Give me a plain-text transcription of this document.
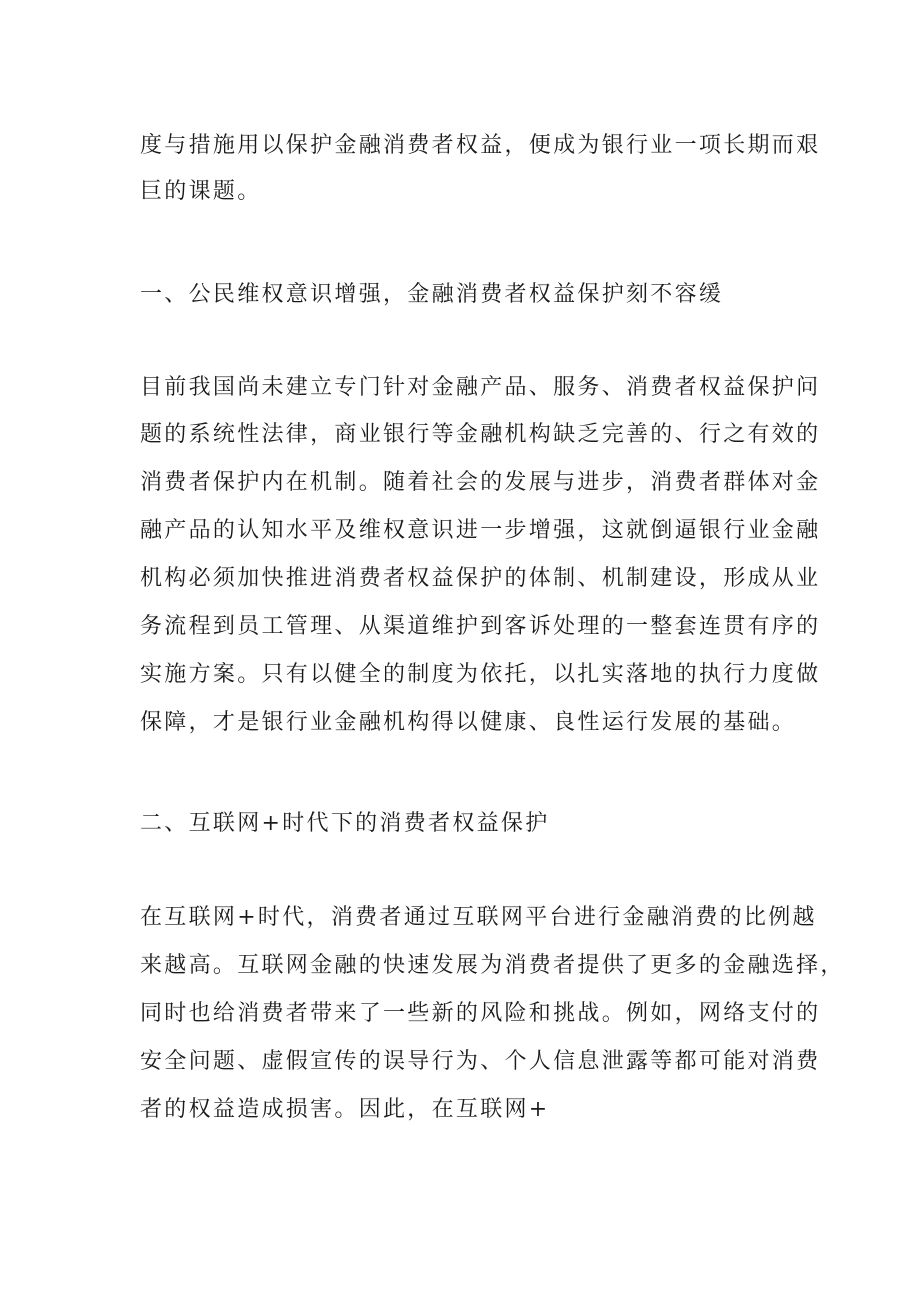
度与措施用以保护金融消费者权益，便成为银行业一项长期而艰
巨的课题。
一、公民维权意识增强，金融消费者权益保护刻不容缓
目前我国尚未建立专门针对金融产品、服务、消费者权益保护问
题的系统性法律，商业银行等金融机构缺乏完善的、行之有效的
消费者保护内在机制。随着社会的发展与进步，消费者群体对金
融产品的认知水平及维权意识进一步增强，这就倒逼银行业金融
机构必须加快推进消费者权益保护的体制、机制建设，形成从业
务流程到员工管理、从渠道维护到客诉处理的一整套连贯有序的
实施方案。只有以健全的制度为依托，以扎实落地的执行力度做
保障，才是银行业金融机构得以健康、良性运行发展的基础。
二、互联网+时代下的消费者权益保护
在互联网+时代，消费者通过互联网平台进行金融消费的比例越
来越高。互联网金融的快速发展为消费者提供了更多的金融选择，
同时也给消费者带来了一些新的风险和挑战。例如，网络支付的
安全问题、虚假宣传的误导行为、个人信息泄露等都可能对消费
者的权益造成损害。因此，在互联网+
